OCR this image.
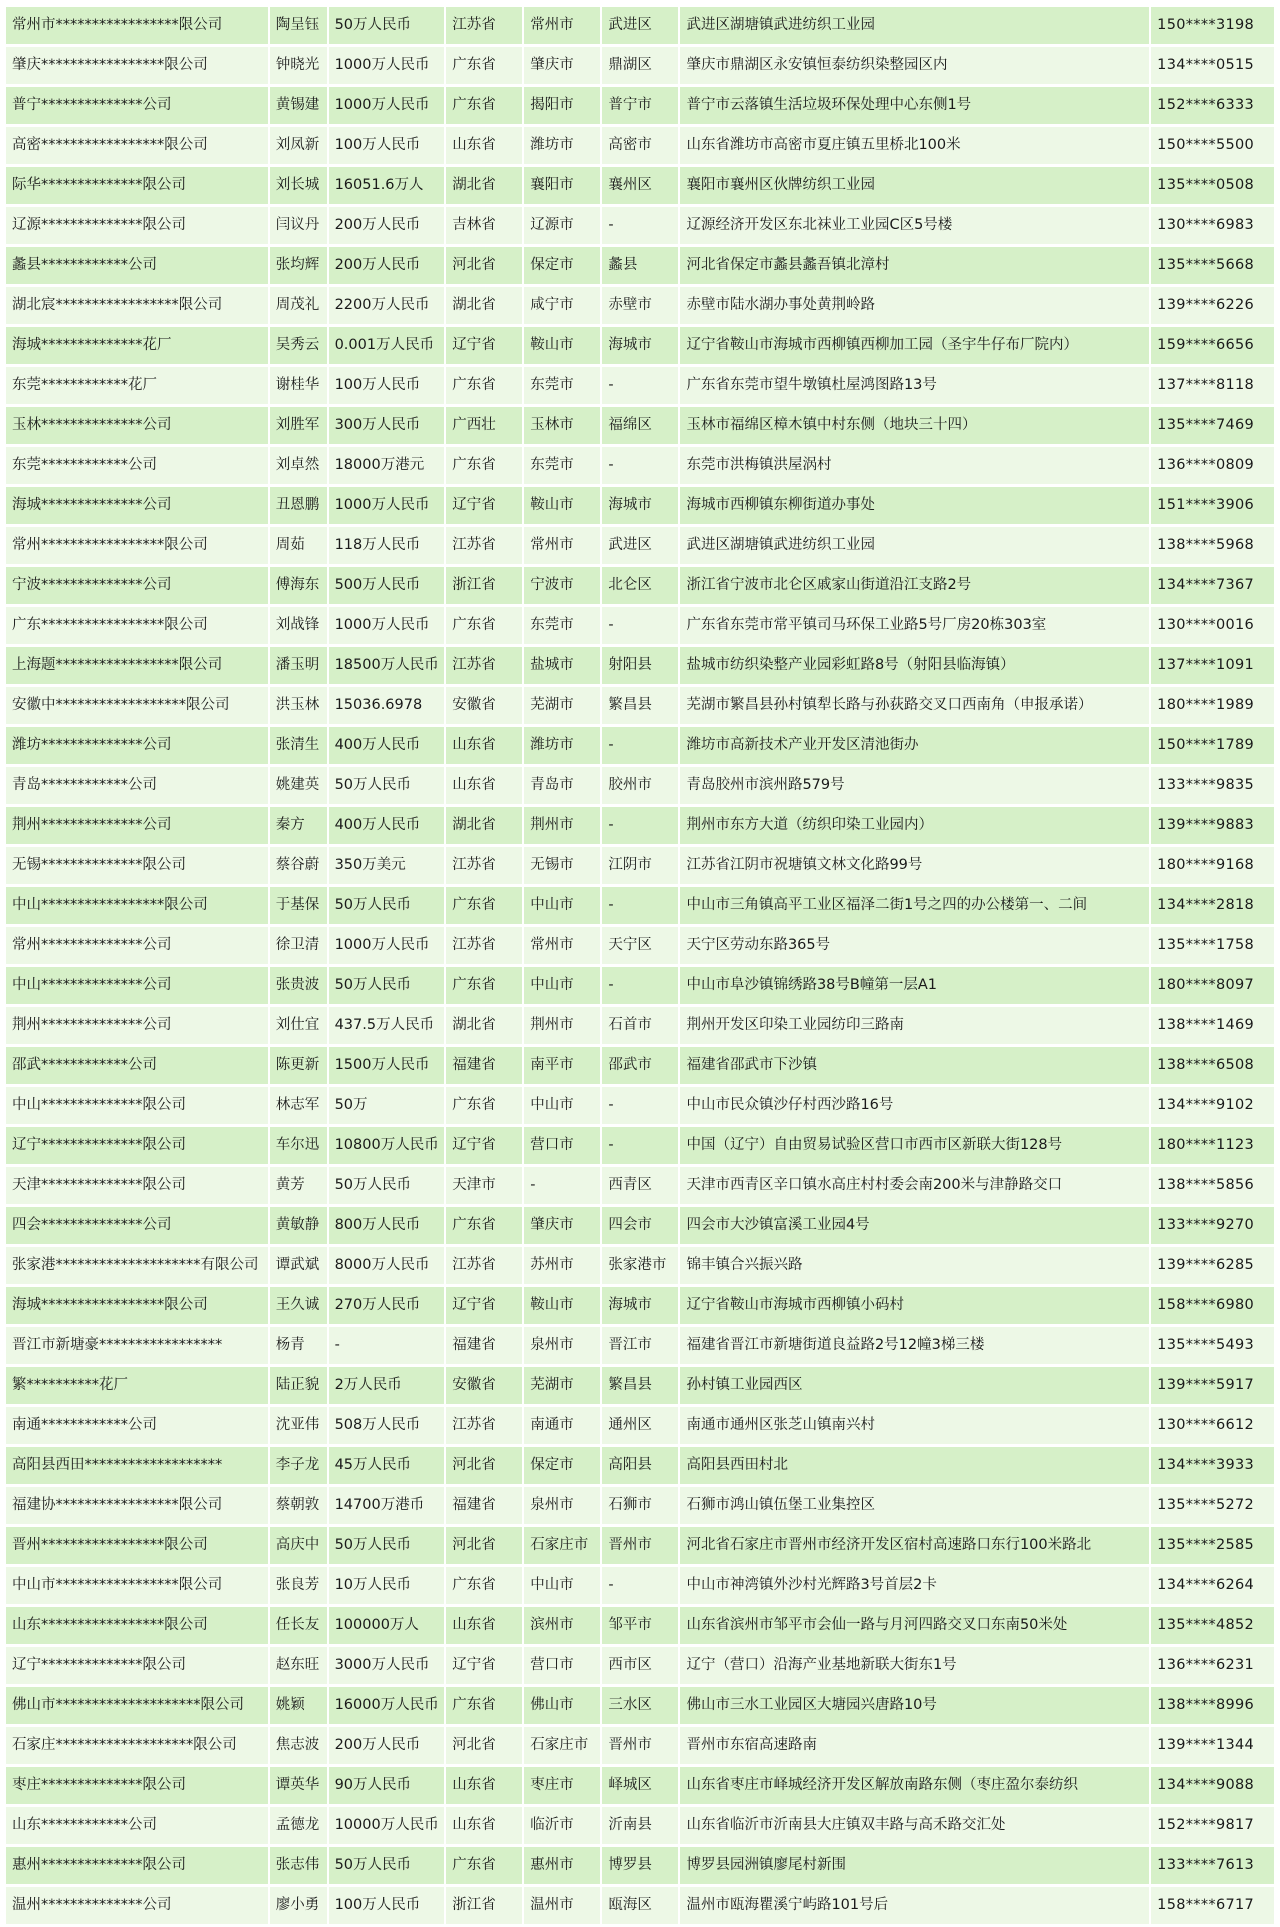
常州市*****************限公司	陶呈钰	50万人民币	江苏省	常州市	武进区	武进区湖塘镇武进纺织工业园	150****3198
肇庆*****************限公司	钟晓光	1000万人民币	广东省	肇庆市	鼎湖区	肇庆市鼎湖区永安镇恒泰纺织染整园区内	134****0515
普宁**************公司	黄锡建	1000万人民币	广东省	揭阳市	普宁市	普宁市云落镇生活垃圾环保处理中心东侧1号	152****6333
高密*****************限公司	刘凤新	100万人民币	山东省	潍坊市	高密市	山东省潍坊市高密市夏庄镇五里桥北100米	150****5500
际华**************限公司	刘长城	16051.6万人	湖北省	襄阳市	襄州区	襄阳市襄州区伙牌纺织工业园	135****0508
辽源**************限公司	闫议丹	200万人民币	吉林省	辽源市	-	辽源经济开发区东北袜业工业园C区5号楼	130****6983
蠡县************公司	张均辉	200万人民币	河北省	保定市	蠡县	河北省保定市蠡县蠡吾镇北漳村	135****5668
湖北宸*****************限公司	周茂礼	2200万人民币	湖北省	咸宁市	赤壁市	赤壁市陆水湖办事处黄荆岭路	139****6226
海城**************花厂	吴秀云	0.001万人民币	辽宁省	鞍山市	海城市	辽宁省鞍山市海城市西柳镇西柳加工园（圣宇牛仔布厂院内）	159****6656
东莞************花厂	谢桂华	100万人民币	广东省	东莞市	-	广东省东莞市望牛墩镇杜屋鸿图路13号	137****8118
玉林**************公司	刘胜军	300万人民币	广西壮	玉林市	福绵区	玉林市福绵区樟木镇中村东侧（地块三十四）	135****7469
东莞************公司	刘卓然	18000万港元	广东省	东莞市	-	东莞市洪梅镇洪屋涡村	136****0809
海城**************公司	丑恩鹏	1000万人民币	辽宁省	鞍山市	海城市	海城市西柳镇东柳街道办事处	151****3906
常州*****************限公司	周茹	118万人民币	江苏省	常州市	武进区	武进区湖塘镇武进纺织工业园	138****5968
宁波**************公司	傅海东	500万人民币	浙江省	宁波市	北仑区	浙江省宁波市北仑区戚家山街道沿江支路2号	134****7367
广东*****************限公司	刘战锋	1000万人民币	广东省	东莞市	-	广东省东莞市常平镇司马环保工业路5号厂房20栋303室	130****0016
上海题*****************限公司	潘玉明	18500万人民币	江苏省	盐城市	射阳县	盐城市纺织染整产业园彩虹路8号（射阳县临海镇）	137****1091
安徽中******************限公司	洪玉林	15036.6978	安徽省	芜湖市	繁昌县	芜湖市繁昌县孙村镇犁长路与孙荻路交叉口西南角（申报承诺）	180****1989
潍坊**************公司	张清生	400万人民币	山东省	潍坊市	-	潍坊市高新技术产业开发区清池街办	150****1789
青岛************公司	姚建英	50万人民币	山东省	青岛市	胶州市	青岛胶州市滨州路579号	133****9835
荆州**************公司	秦方	400万人民币	湖北省	荆州市	-	荆州市东方大道（纺织印染工业园内）	139****9883
无锡**************限公司	蔡谷蔚	350万美元	江苏省	无锡市	江阴市	江苏省江阴市祝塘镇文林文化路99号	180****9168
中山*****************限公司	于基保	50万人民币	广东省	中山市	-	中山市三角镇高平工业区福泽二街1号之四的办公楼第一、二间	134****2818
常州**************公司	徐卫清	1000万人民币	江苏省	常州市	天宁区	天宁区劳动东路365号	135****1758
中山**************公司	张贵波	50万人民币	广东省	中山市	-	中山市阜沙镇锦绣路38号B幢第一层A1	180****8097
荆州**************公司	刘仕宜	437.5万人民币	湖北省	荆州市	石首市	荆州开发区印染工业园纺印三路南	138****1469
邵武************公司	陈更新	1500万人民币	福建省	南平市	邵武市	福建省邵武市下沙镇	138****6508
中山**************限公司	林志军	50万	广东省	中山市	-	中山市民众镇沙仔村西沙路16号	134****9102
辽宁**************限公司	车尔迅	10800万人民币	辽宁省	营口市	-	中国（辽宁）自由贸易试验区营口市西市区新联大街128号	180****1123
天津**************限公司	黄芳	50万人民币	天津市	-	西青区	天津市西青区辛口镇水高庄村村委会南200米与津静路交口	138****5856
四会**************公司	黄敏静	800万人民币	广东省	肇庆市	四会市	四会市大沙镇富溪工业园4号	133****9270
张家港********************有限公司	谭武斌	8000万人民币	江苏省	苏州市	张家港市	锦丰镇合兴振兴路	139****6285
海城*****************限公司	王久诚	270万人民币	辽宁省	鞍山市	海城市	辽宁省鞍山市海城市西柳镇小码村	158****6980
晋江市新塘豪*****************	杨青	-	福建省	泉州市	晋江市	福建省晋江市新塘街道良益路2号12幢3梯三楼	135****5493
繁**********花厂	陆正貌	2万人民币	安徽省	芜湖市	繁昌县	孙村镇工业园西区	139****5917
南通************公司	沈亚伟	508万人民币	江苏省	南通市	通州区	南通市通州区张芝山镇南兴村	130****6612
高阳县西田*******************	李子龙	45万人民币	河北省	保定市	高阳县	高阳县西田村北	134****3933
福建协*****************限公司	蔡朝敦	14700万港币	福建省	泉州市	石狮市	石狮市鸿山镇伍堡工业集控区	135****5272
晋州*****************限公司	高庆中	50万人民币	河北省	石家庄市	晋州市	河北省石家庄市晋州市经济开发区宿村高速路口东行100米路北	135****2585
中山市*****************限公司	张良芳	10万人民币	广东省	中山市	-	中山市神湾镇外沙村光辉路3号首层2卡	134****6264
山东*****************限公司	任长友	100000万人	山东省	滨州市	邹平市	山东省滨州市邹平市会仙一路与月河四路交叉口东南50米处	135****4852
辽宁**************限公司	赵东旺	3000万人民币	辽宁省	营口市	西市区	辽宁（营口）沿海产业基地新联大街东1号	136****6231
佛山市********************限公司	姚颖	16000万人民币	广东省	佛山市	三水区	佛山市三水工业园区大塘园兴唐路10号	138****8996
石家庄*******************限公司	焦志波	200万人民币	河北省	石家庄市	晋州市	晋州市东宿高速路南	139****1344
枣庄**************限公司	谭英华	90万人民币	山东省	枣庄市	峄城区	山东省枣庄市峄城经济开发区解放南路东侧（枣庄盈尔泰纺织	134****9088
山东************公司	孟德龙	10000万人民币	山东省	临沂市	沂南县	山东省临沂市沂南县大庄镇双丰路与高禾路交汇处	152****9817
惠州**************限公司	张志伟	50万人民币	广东省	惠州市	博罗县	博罗县园洲镇廖尾村新围	133****7613
温州**************公司	廖小勇	100万人民币	浙江省	温州市	瓯海区	温州市瓯海瞿溪宁屿路101号后	158****6717
